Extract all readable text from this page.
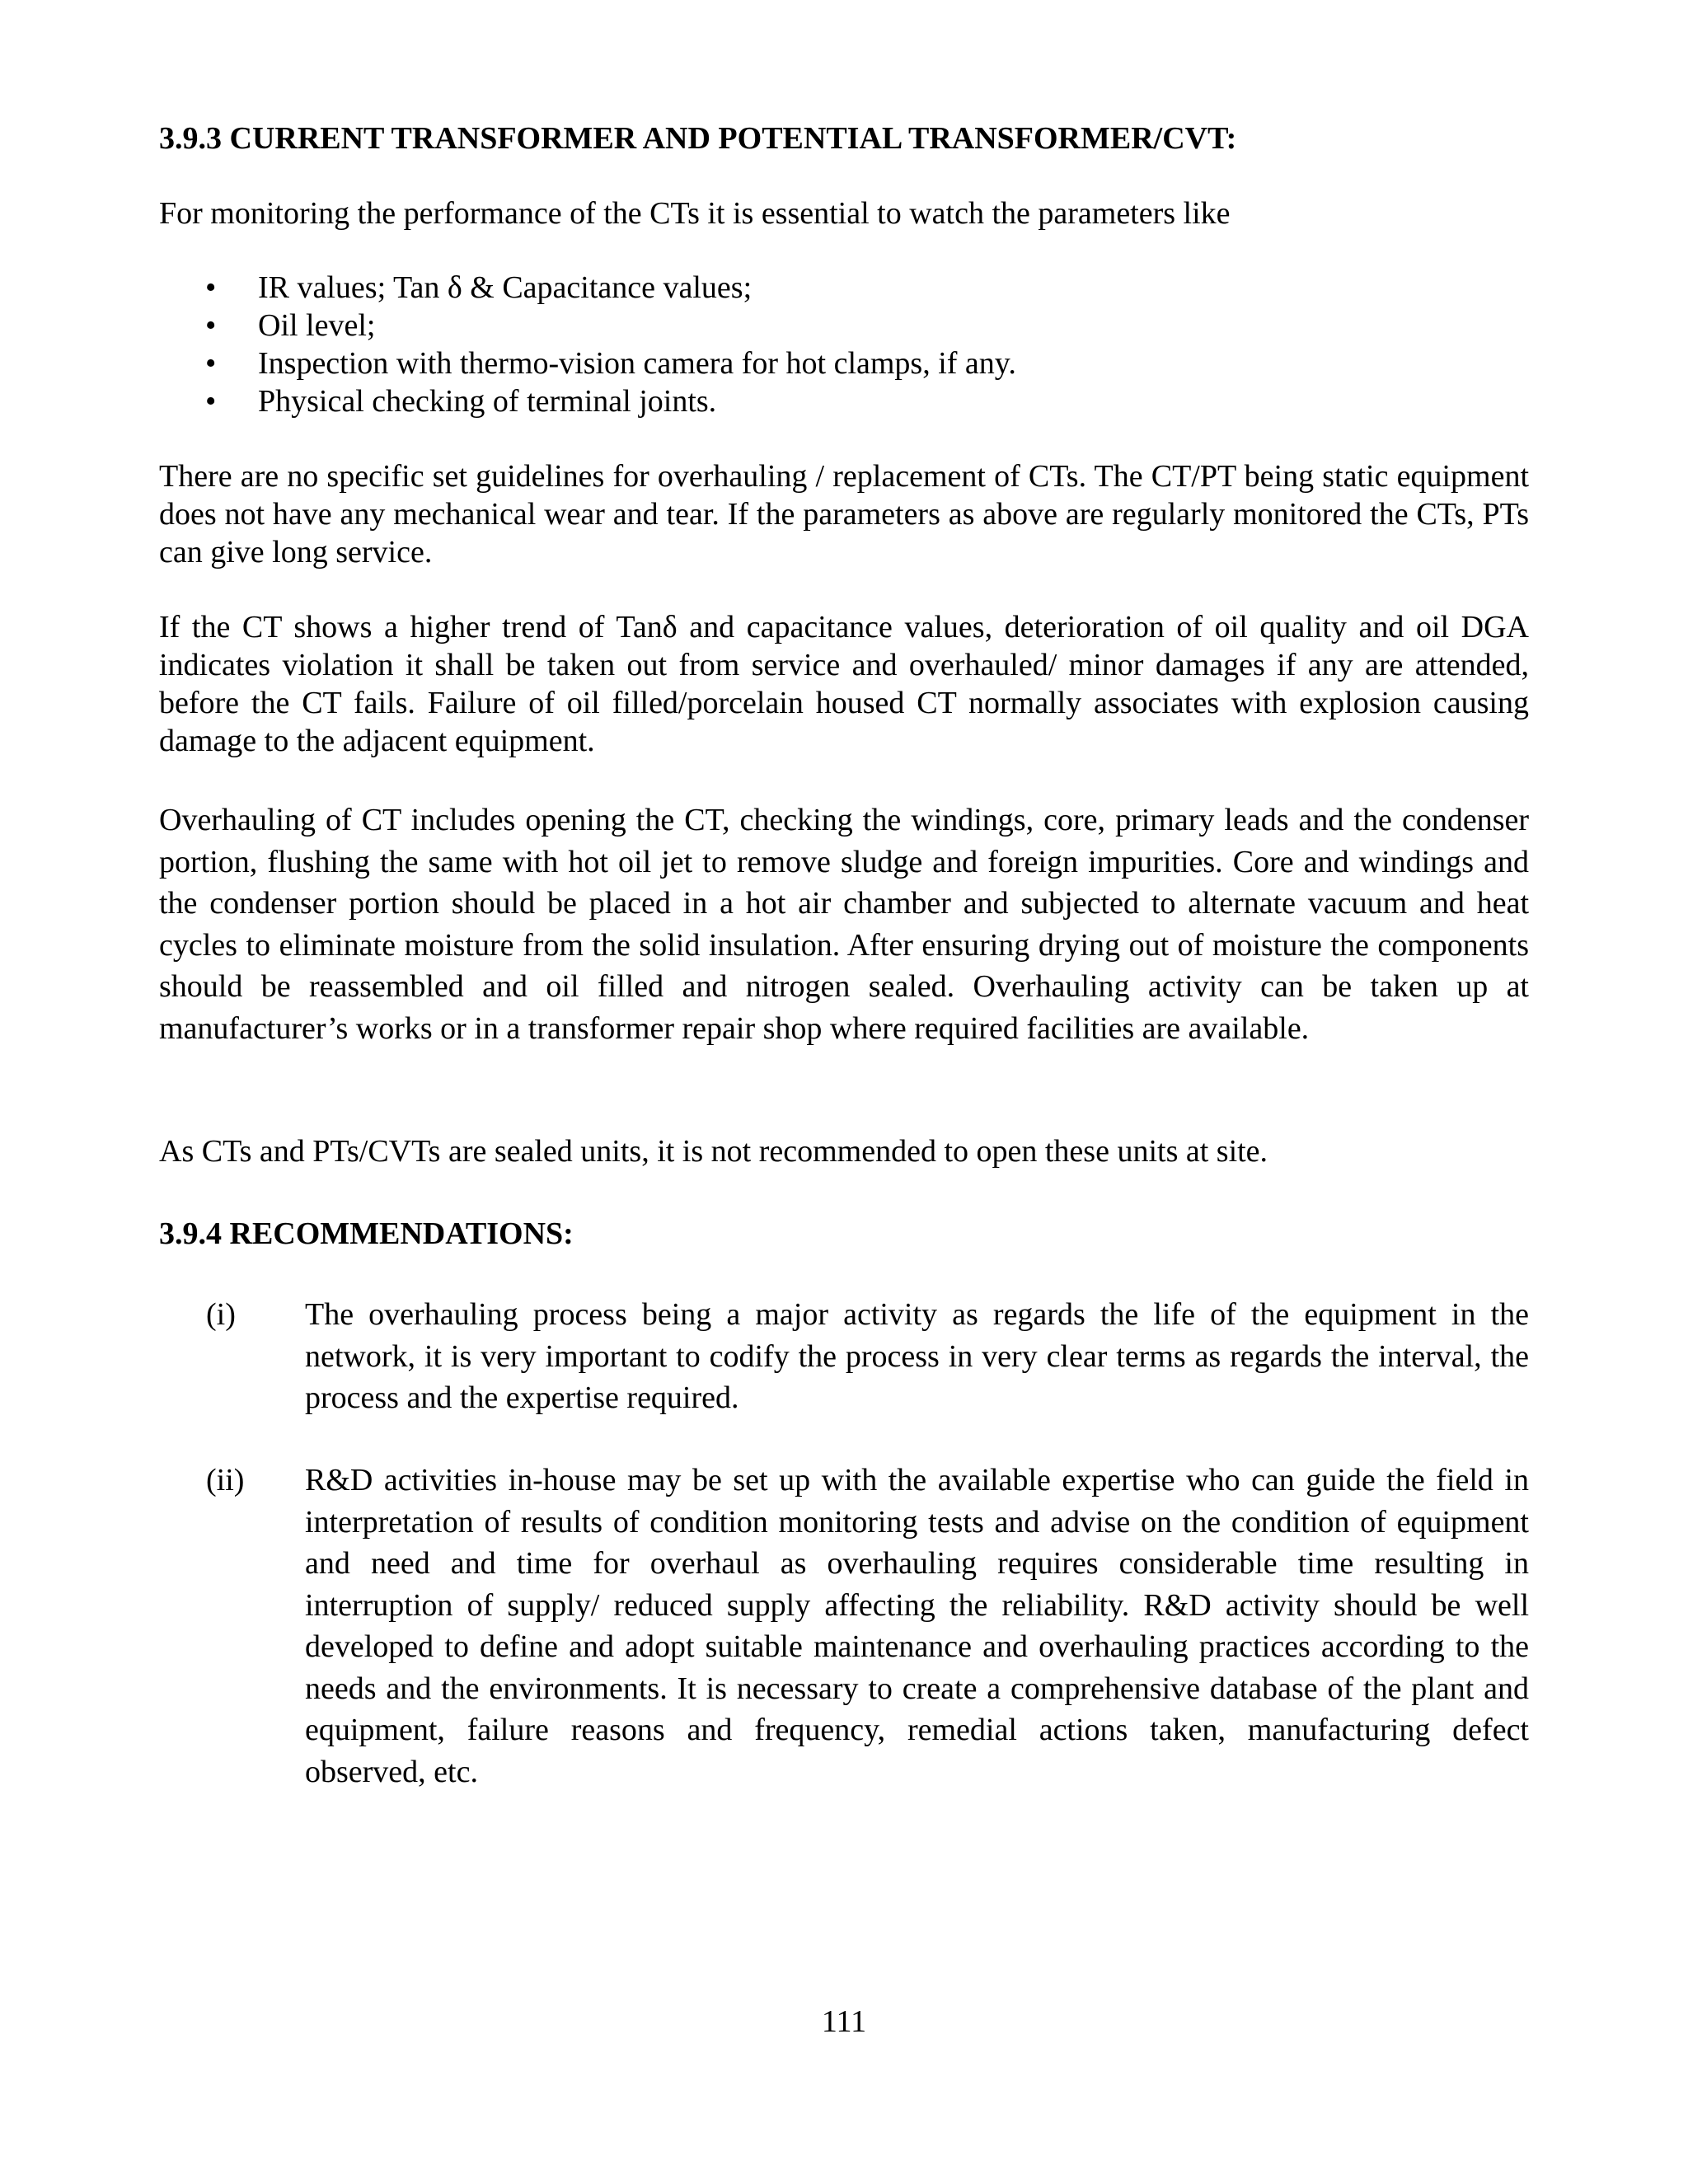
3.9.3 CURRENT TRANSFORMER AND POTENTIAL TRANSFORMER/CVT:
For monitoring the performance of the CTs it is essential to watch the parameters like
• IR values; Tan δ & Capacitance values;
• Oil level;
• Inspection with thermo-vision camera for hot clamps, if any.
• Physical checking of terminal joints.
There are no specific set guidelines for overhauling / replacement of CTs. The CT/PT being static equipment does not have any mechanical wear and tear. If the parameters as above are regularly monitored the CTs, PTs can give long service.
If the CT shows a higher trend of Tanδ and capacitance values, deterioration of oil quality and oil DGA indicates violation it shall be taken out from service and overhauled/ minor damages if any are attended, before the CT fails. Failure of oil filled/porcelain housed CT normally associates with explosion causing damage to the adjacent equipment.
Overhauling of CT includes opening the CT, checking the windings, core, primary leads and the condenser portion, flushing the same with hot oil jet to remove sludge and foreign impurities. Core and windings and the condenser portion should be placed in a hot air chamber and subjected to alternate vacuum and heat cycles to eliminate moisture from the solid insulation. After ensuring drying out of moisture the components should be reassembled and oil filled and nitrogen sealed. Overhauling activity can be taken up at manufacturer’s works or in a transformer repair shop where required facilities are available.
As CTs and PTs/CVTs are sealed units, it is not recommended to open these units at site.
3.9.4 RECOMMENDATIONS:
(i) The overhauling process being a major activity as regards the life of the equipment in the network, it is very important to codify the process in very clear terms as regards the interval, the process and the expertise required.
(ii) R&D activities in-house may be set up with the available expertise who can guide the field in interpretation of results of condition monitoring tests and advise on the condition of equipment and need and time for overhaul as overhauling requires considerable time resulting in interruption of supply/ reduced supply affecting the reliability. R&D activity should be well developed to define and adopt suitable maintenance and overhauling practices according to the needs and the environments. It is necessary to create a comprehensive database of the plant and equipment, failure reasons and frequency, remedial actions taken, manufacturing defect observed, etc.
111
